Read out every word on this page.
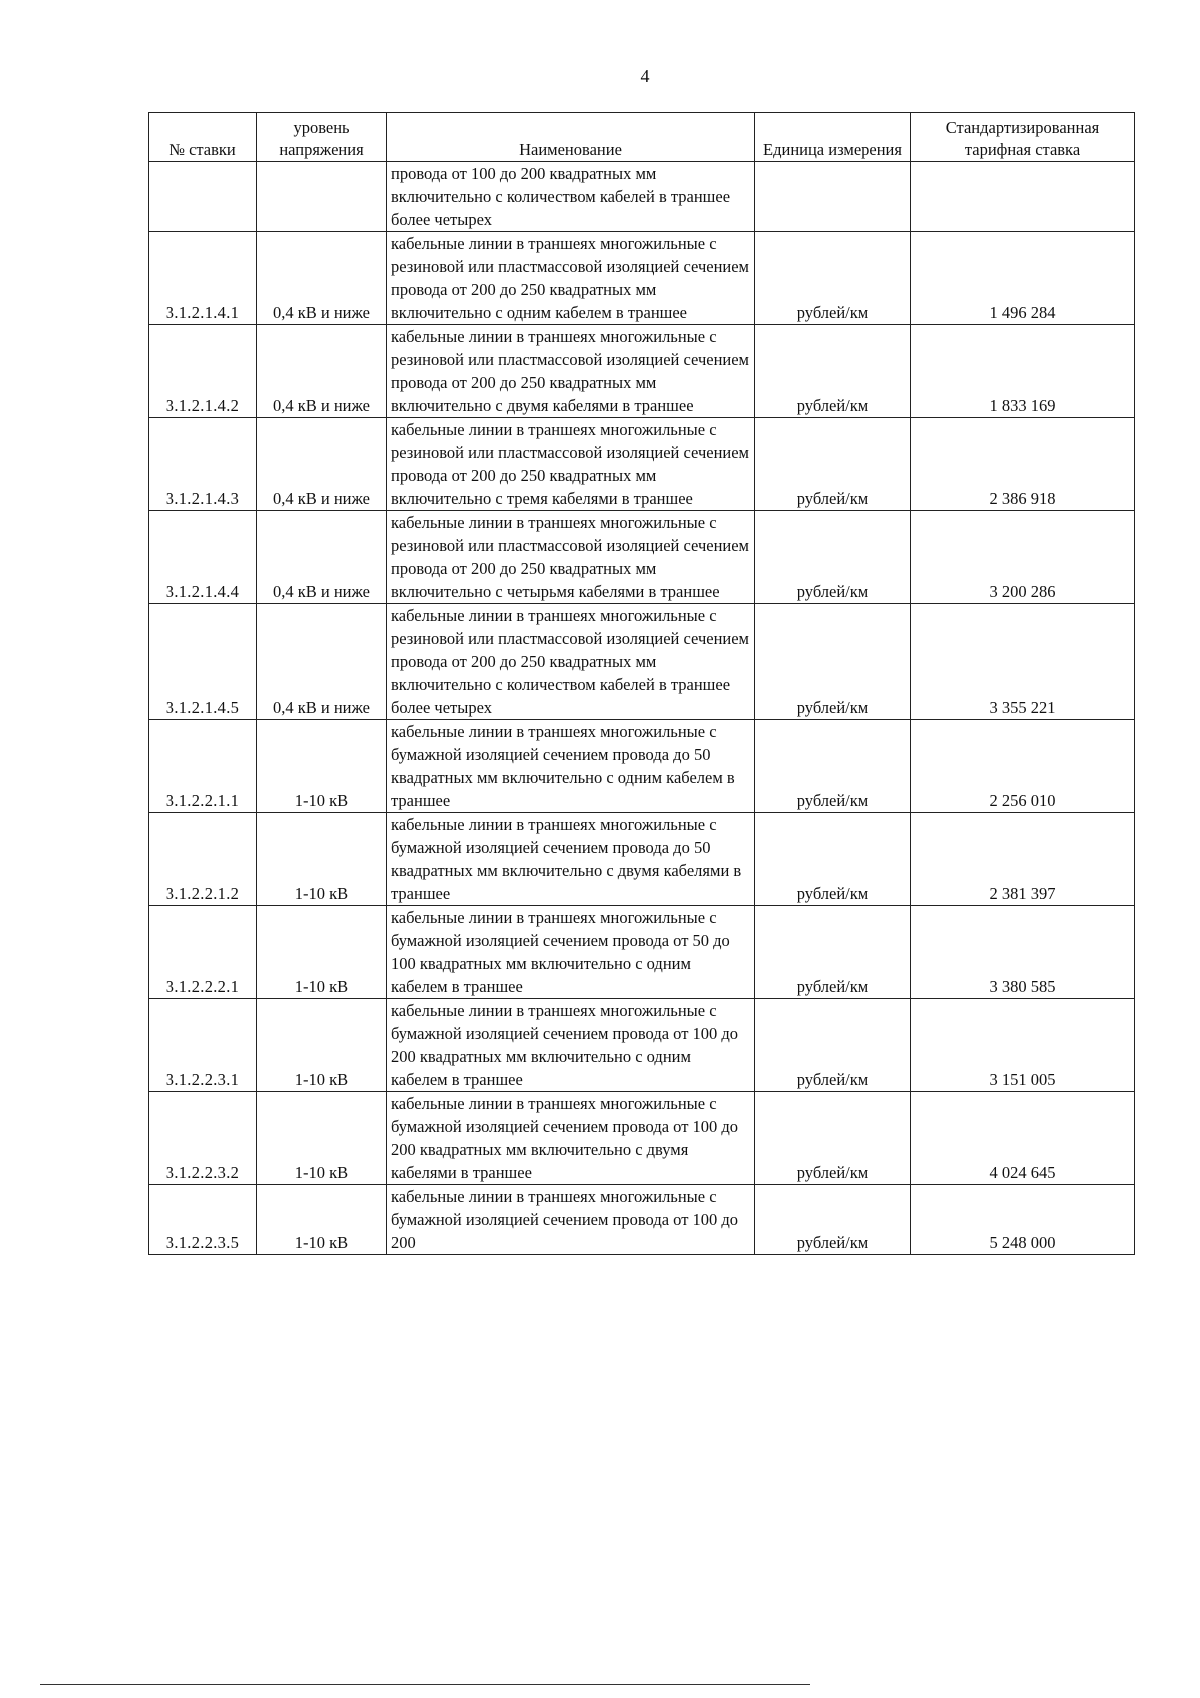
4
№ ставки	уровень напряжения	Наименование	Единица измерения	Стандартизированная тарифная ставка
		провода от 100 до 200 квадратных мм включительно с количеством кабелей в траншее более четырех		
3.1.2.1.4.1	0,4 кВ и ниже	кабельные линии в траншеях многожильные с резиновой или пластмассовой изоляцией сечением провода от 200 до 250 квадратных мм включительно с одним кабелем в траншее	рублей/км	1 496 284
3.1.2.1.4.2	0,4 кВ и ниже	кабельные линии в траншеях многожильные с резиновой или пластмассовой изоляцией сечением провода от 200 до 250 квадратных мм включительно с двумя кабелями в траншее	рублей/км	1 833 169
3.1.2.1.4.3	0,4 кВ и ниже	кабельные линии в траншеях многожильные с резиновой или пластмассовой изоляцией сечением провода от 200 до 250 квадратных мм включительно с тремя кабелями в траншее	рублей/км	2 386 918
3.1.2.1.4.4	0,4 кВ и ниже	кабельные линии в траншеях многожильные с резиновой или пластмассовой изоляцией сечением провода от 200 до 250 квадратных мм включительно с четырьмя кабелями в траншее	рублей/км	3 200 286
3.1.2.1.4.5	0,4 кВ и ниже	кабельные линии в траншеях многожильные с резиновой или пластмассовой изоляцией сечением провода от 200 до 250 квадратных мм включительно с количеством кабелей в траншее более четырех	рублей/км	3 355 221
3.1.2.2.1.1	1-10 кВ	кабельные линии в траншеях многожильные с бумажной изоляцией сечением провода до 50 квадратных мм включительно с одним кабелем в траншее	рублей/км	2 256 010
3.1.2.2.1.2	1-10 кВ	кабельные линии в траншеях многожильные с бумажной изоляцией сечением провода до 50 квадратных мм включительно с двумя кабелями в траншее	рублей/км	2 381 397
3.1.2.2.2.1	1-10 кВ	кабельные линии в траншеях многожильные с бумажной изоляцией сечением провода от 50 до 100 квадратных мм включительно с одним кабелем в траншее	рублей/км	3 380 585
3.1.2.2.3.1	1-10 кВ	кабельные линии в траншеях многожильные с бумажной изоляцией сечением провода от 100 до 200 квадратных мм включительно с одним кабелем в траншее	рублей/км	3 151 005
3.1.2.2.3.2	1-10 кВ	кабельные линии в траншеях многожильные с бумажной изоляцией сечением провода от 100 до 200 квадратных мм включительно с двумя кабелями в траншее	рублей/км	4 024 645
3.1.2.2.3.5	1-10 кВ	кабельные линии в траншеях многожильные с бумажной изоляцией сечением провода от 100 до 200	рублей/км	5 248 000
